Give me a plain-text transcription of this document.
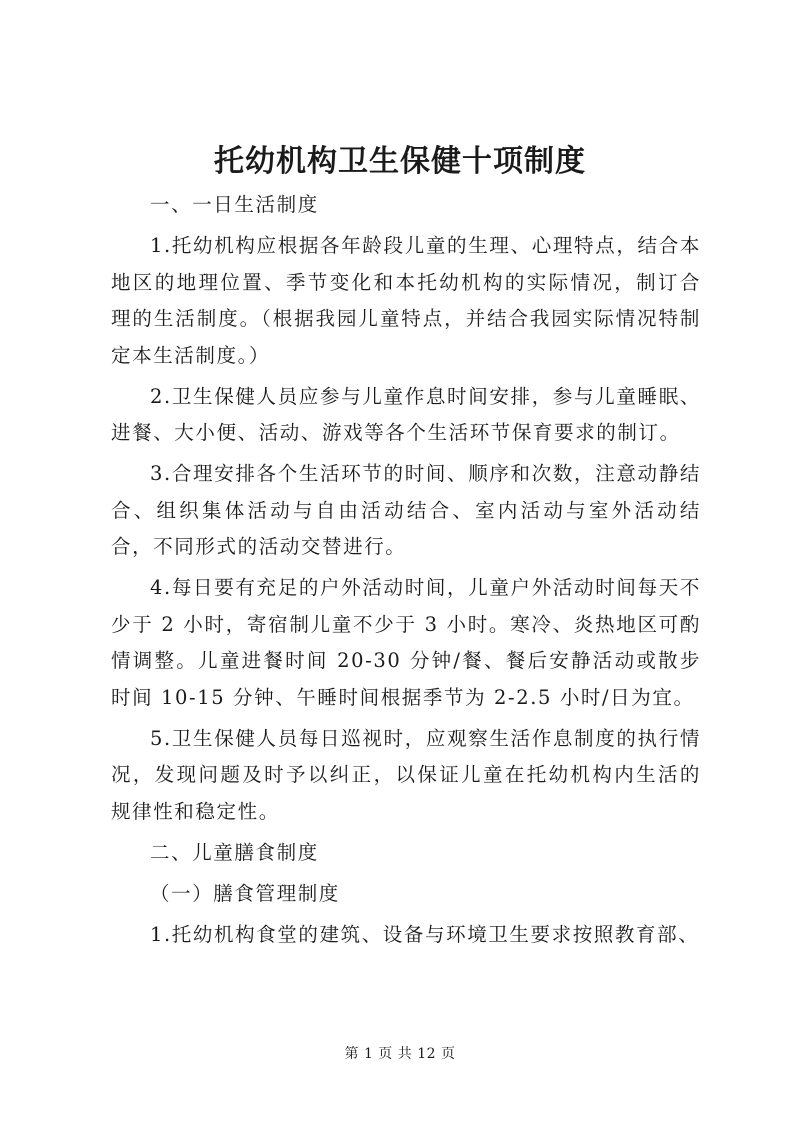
托幼机构卫生保健十项制度

一、一日生活制度

1.托幼机构应根据各年龄段儿童的生理、心理特点，结合本地区的地理位置、季节变化和本托幼机构的实际情况，制订合理的生活制度。（根据我园儿童特点，并结合我园实际情况特制定本生活制度。）

2.卫生保健人员应参与儿童作息时间安排，参与儿童睡眠、进餐、大小便、活动、游戏等各个生活环节保育要求的制订。

3.合理安排各个生活环节的时间、顺序和次数，注意动静结合、组织集体活动与自由活动结合、室内活动与室外活动结合，不同形式的活动交替进行。

4.每日要有充足的户外活动时间，儿童户外活动时间每天不少于 2 小时，寄宿制儿童不少于 3 小时。寒冷、炎热地区可酌情调整。儿童进餐时间 20-30 分钟/餐、餐后安静活动或散步时间 10-15 分钟、午睡时间根据季节为 2-2.5 小时/日为宜。

5.卫生保健人员每日巡视时，应观察生活作息制度的执行情况，发现问题及时予以纠正，以保证儿童在托幼机构内生活的规律性和稳定性。

二、儿童膳食制度

（一）膳食管理制度

1.托幼机构食堂的建筑、设备与环境卫生要求按照教育部、

第 1 页 共 12 页
